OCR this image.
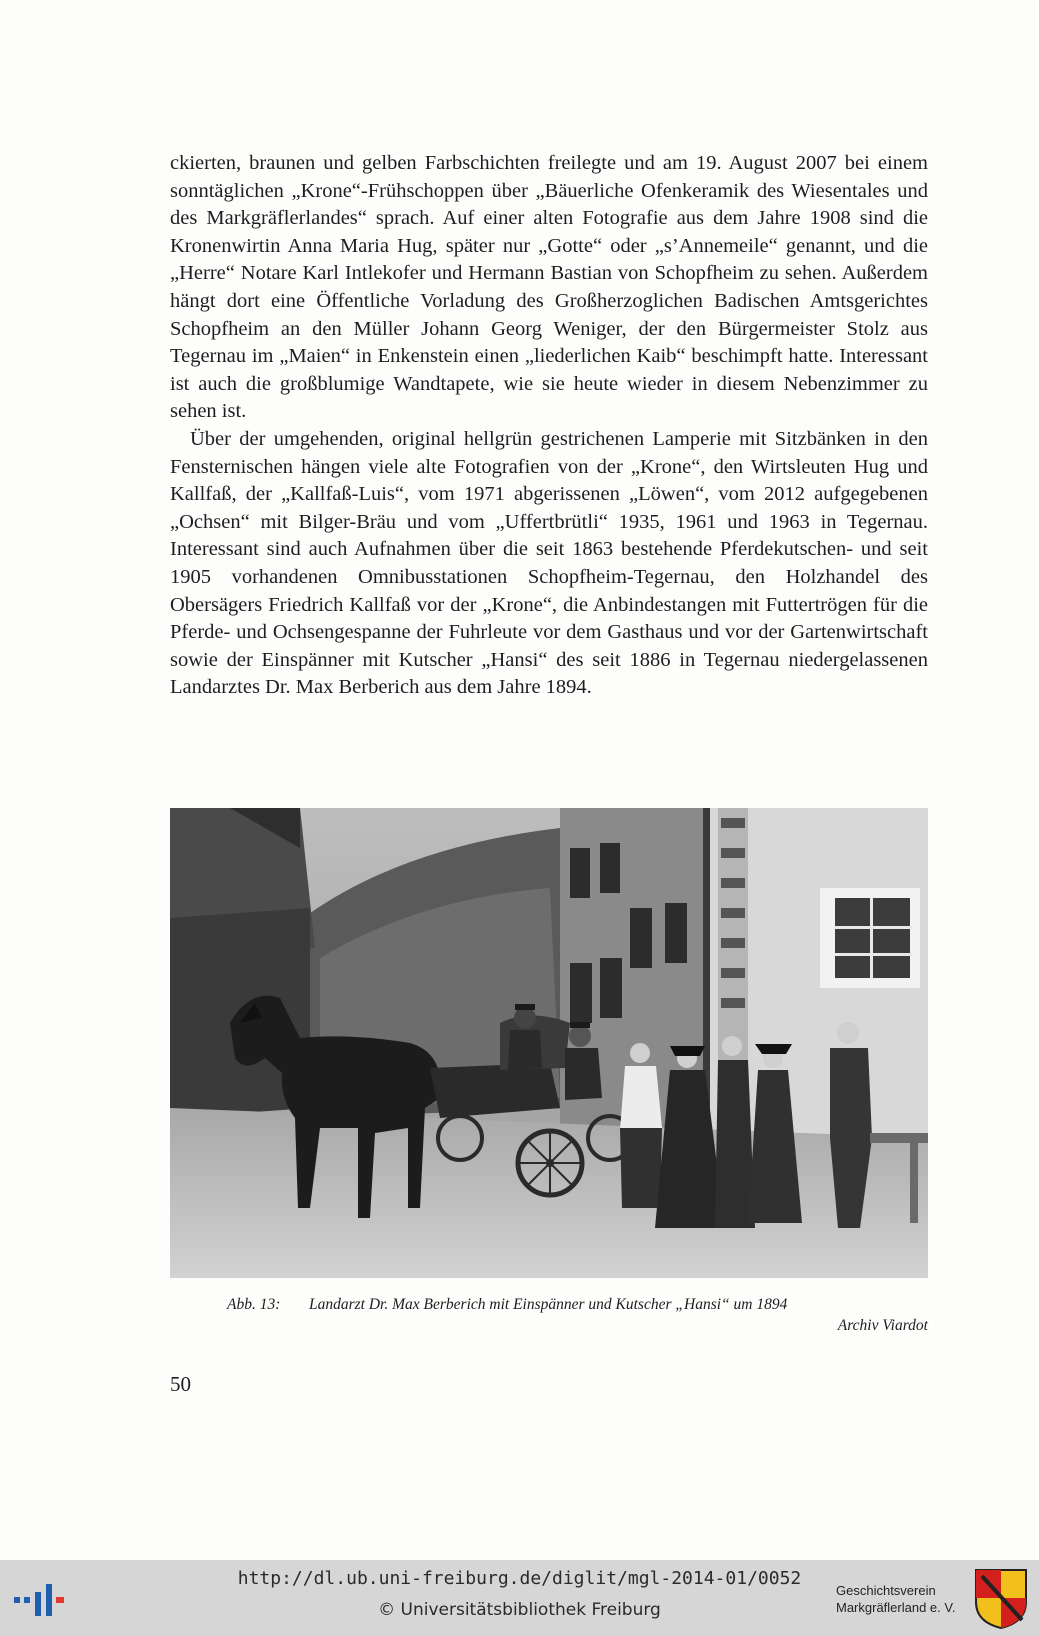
ckierten, braunen und gelben Farbschichten freilegte und am 19. August 2007 bei einem sonntäglichen „Krone“-Frühschoppen über „Bäuerliche Ofenkeramik des Wiesentales und des Markgräflerlandes“ sprach. Auf einer alten Fotografie aus dem Jahre 1908 sind die Kronenwirtin Anna Maria Hug, später nur „Gotte“ oder „s’Annemeile“ genannt, und die „Herre“ Notare Karl Intlekofer und Hermann Bastian von Schopfheim zu sehen. Außerdem hängt dort eine Öffentliche Vorladung des Großherzoglichen Badischen Amtsgerichtes Schopfheim an den Müller Johann Georg Weniger, der den Bürgermeister Stolz aus Tegernau im „Maien“ in Enkenstein einen „liederlichen Kaib“ beschimpft hatte. Interessant ist auch die großblumige Wandtapete, wie sie heute wieder in diesem Nebenzimmer zu sehen ist.

Über der umgehenden, original hellgrün gestrichenen Lamperie mit Sitzbänken in den Fensternischen hängen viele alte Fotografien von der „Krone“, den Wirtsleuten Hug und Kallfaß, der „Kallfaß-Luis“, vom 1971 abgerissenen „Löwen“, vom 2012 aufgegebenen „Ochsen“ mit Bilger-Bräu und vom „Uffertbrütli“ 1935, 1961 und 1963 in Tegernau. Interessant sind auch Aufnahmen über die seit 1863 bestehende Pferdekutschen- und seit 1905 vorhandenen Omnibusstationen Schopfheim-Tegernau, den Holzhandel des Obersägers Friedrich Kallfaß vor der „Krone“, die Anbindestangen mit Futtertrögen für die Pferde- und Ochsengespanne der Fuhrleute vor dem Gasthaus und vor der Gartenwirtschaft sowie der Einspänner mit Kutscher „Hansi“ des seit 1886 in Tegernau niedergelassenen Landarztes Dr. Max Berberich aus dem Jahre 1894.

Abb. 13: Landarzt Dr. Max Berberich mit Einspänner und Kutscher „Hansi“ um 1894
Archiv Viardot
50
http://dl.ub.uni-freiburg.de/diglit/mgl-2014-01/0052
© Universitätsbibliothek Freiburg
Geschichtsverein
Markgräflerland e. V.
